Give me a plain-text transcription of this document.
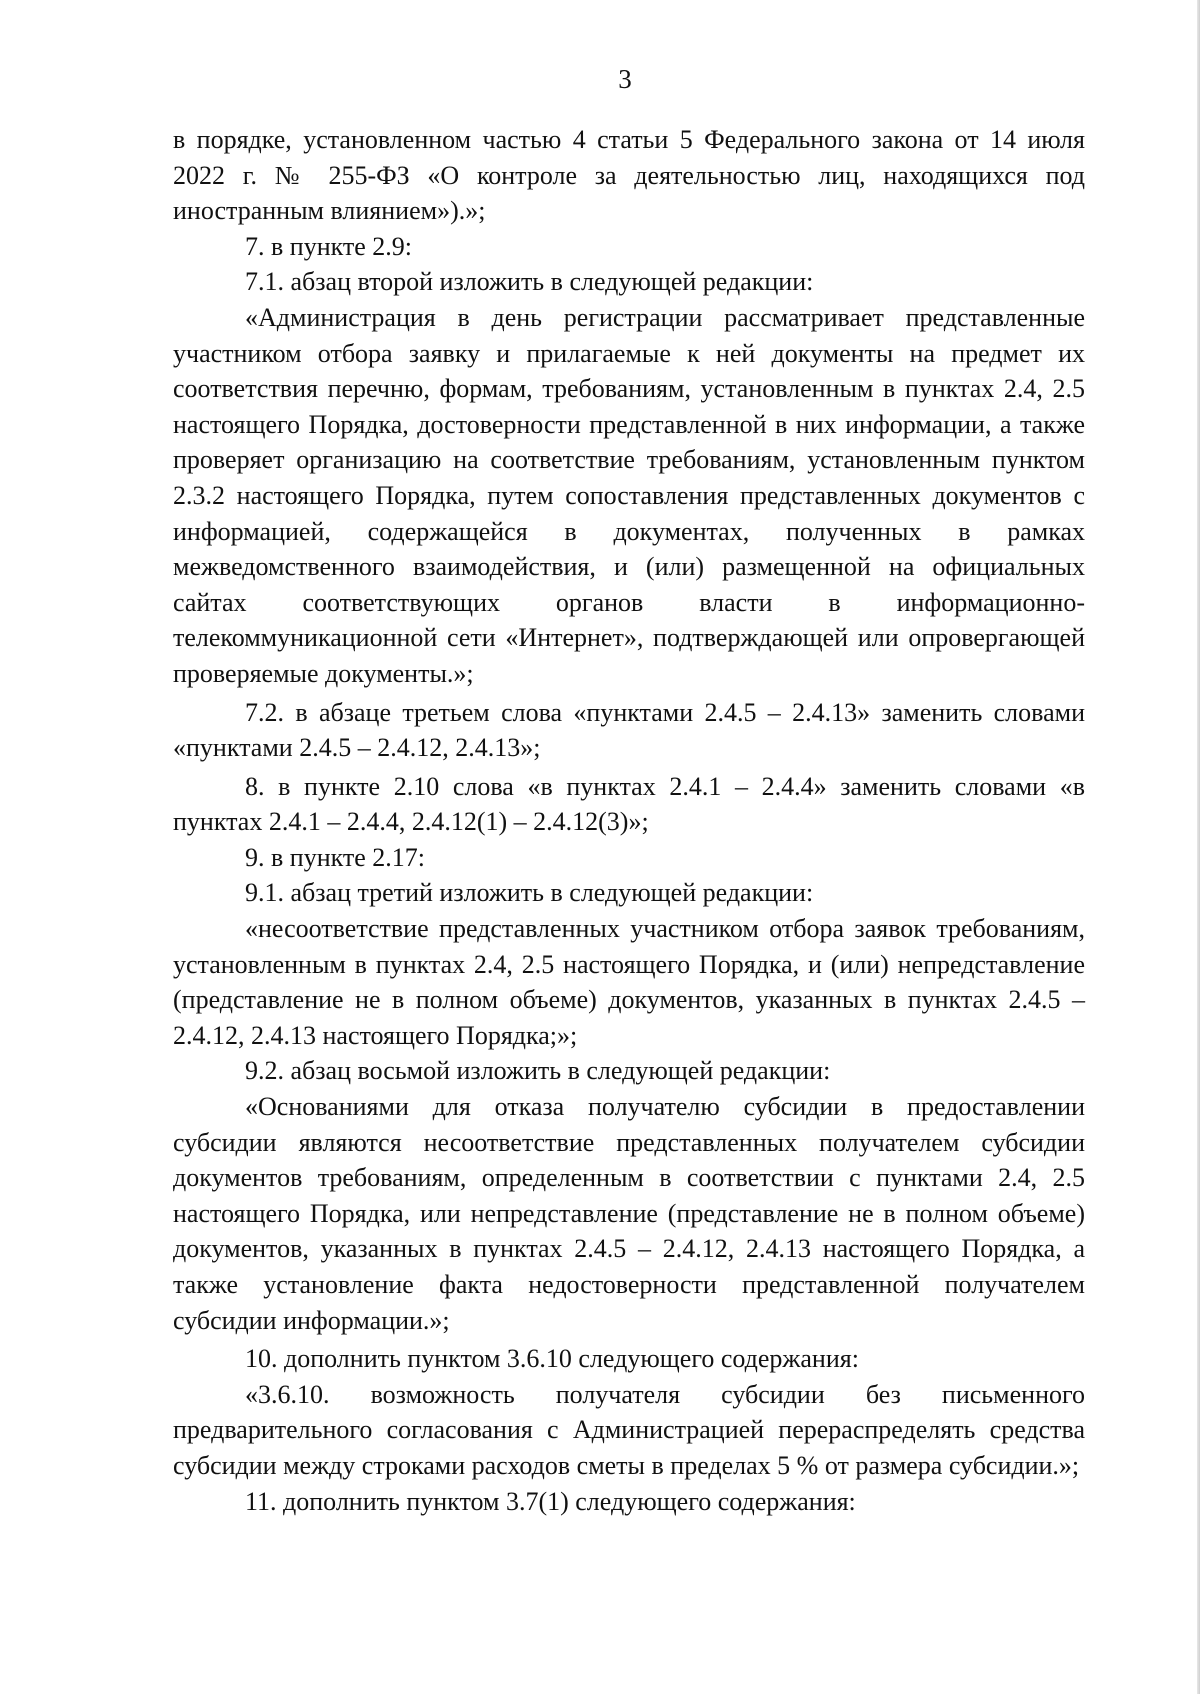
3

в порядке, установленном частью 4 статьи 5 Федерального закона от 14 июля 2022 г. № 255-ФЗ «О контроле за деятельностью лиц, находящихся под иностранным влиянием»).»;

7. в пункте 2.9:

7.1. абзац второй изложить в следующей редакции:

«Администрация в день регистрации рассматривает представленные участником отбора заявку и прилагаемые к ней документы на предмет их соответствия перечню, формам, требованиям, установленным в пунктах 2.4, 2.5 настоящего Порядка, достоверности представленной в них информации, а также проверяет организацию на соответствие требованиям, установленным пунктом 2.3.2 настоящего Порядка, путем сопоставления представленных документов с информацией, содержащейся в документах, полученных в рамках межведомственного взаимодействия, и (или) размещенной на официальных сайтах соответствующих органов власти в информационно-телекоммуникационной сети «Интернет», подтверждающей или опровергающей проверяемые документы.»;

7.2. в абзаце третьем слова «пунктами 2.4.5 – 2.4.13» заменить словами «пунктами 2.4.5 – 2.4.12, 2.4.13»;

8. в пункте 2.10 слова «в пунктах 2.4.1 – 2.4.4» заменить словами «в пунктах 2.4.1 – 2.4.4, 2.4.12(1) – 2.4.12(3)»;

9. в пункте 2.17:

9.1. абзац третий изложить в следующей редакции:

«несоответствие представленных участником отбора заявок требованиям, установленным в пунктах 2.4, 2.5 настоящего Порядка, и (или) непредставление (представление не в полном объеме) документов, указанных в пунктах 2.4.5 – 2.4.12, 2.4.13 настоящего Порядка;»;

9.2. абзац восьмой изложить в следующей редакции:

«Основаниями для отказа получателю субсидии в предоставлении субсидии являются несоответствие представленных получателем субсидии документов требованиям, определенным в соответствии с пунктами 2.4, 2.5 настоящего Порядка, или непредставление (представление не в полном объеме) документов, указанных в пунктах 2.4.5 – 2.4.12, 2.4.13 настоящего Порядка, а также установление факта недостоверности представленной получателем субсидии информации.»;

10. дополнить пунктом 3.6.10 следующего содержания:

«3.6.10. возможность получателя субсидии без письменного предварительного согласования с Администрацией перераспределять средства субсидии между строками расходов сметы в пределах 5 % от размера субсидии.»;

11. дополнить пунктом 3.7(1) следующего содержания:
